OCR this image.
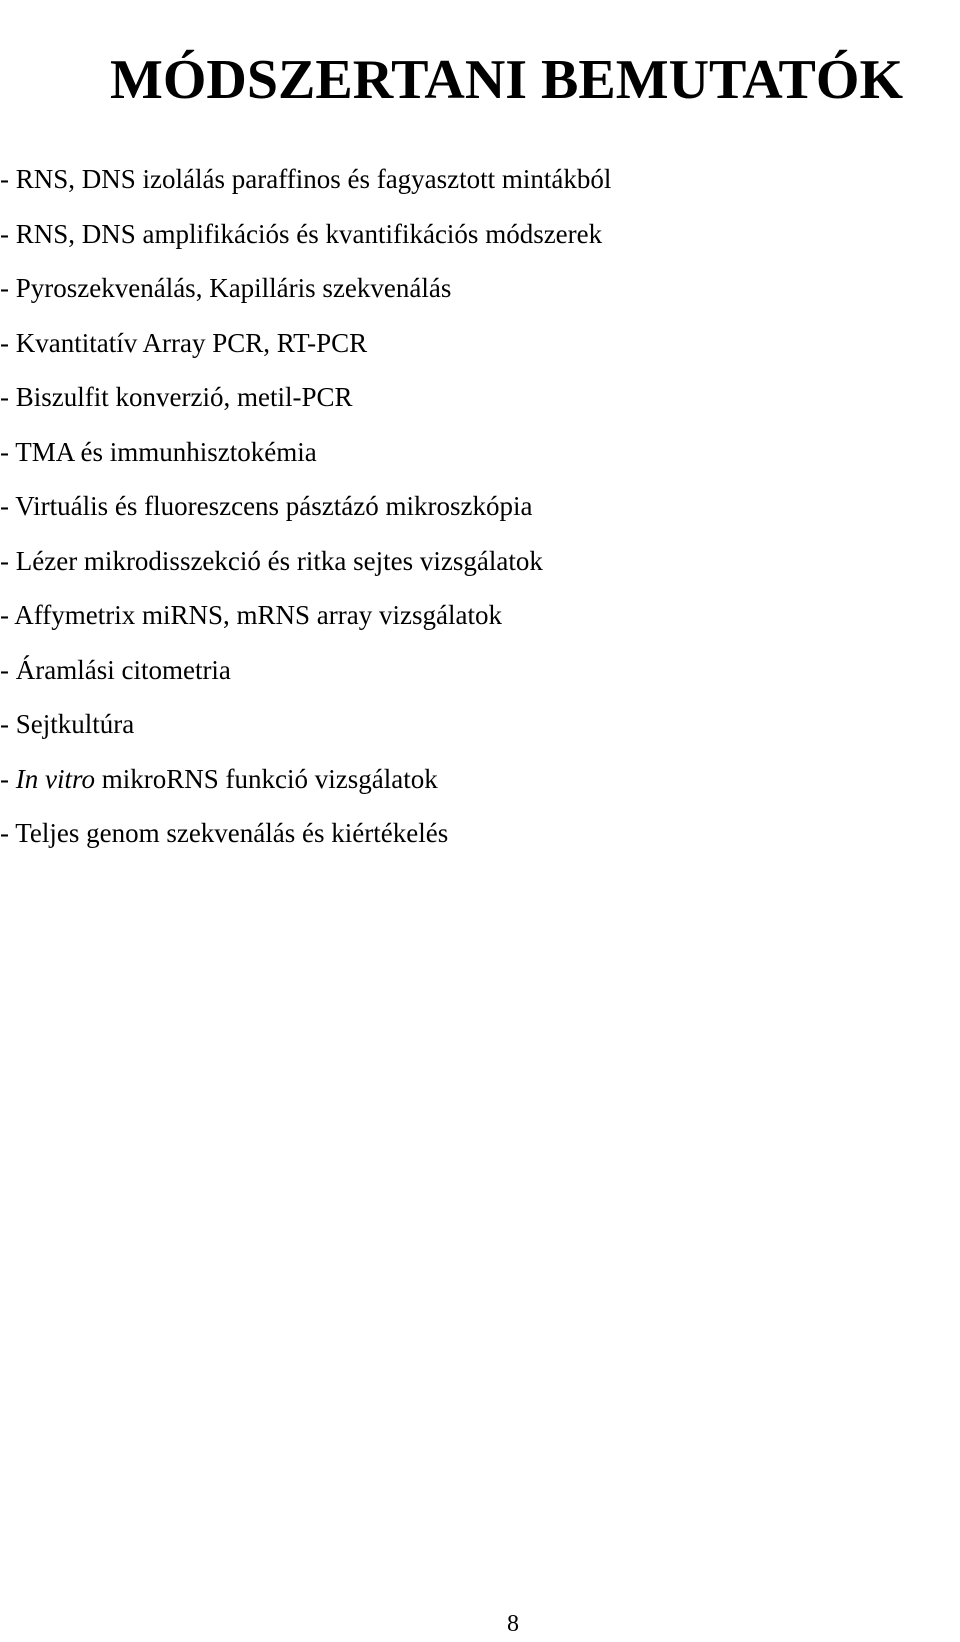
MÓDSZERTANI BEMUTATÓK
- RNS, DNS izolálás paraffinos és fagyasztott mintákból
- RNS, DNS amplifikációs és kvantifikációs módszerek
- Pyroszekvenálás, Kapilláris szekvenálás
- Kvantitatív Array PCR, RT-PCR
- Biszulfit konverzió, metil-PCR
- TMA és immunhisztokémia
- Virtuális és fluoreszcens pásztázó mikroszkópia
- Lézer mikrodisszekció és ritka sejtes vizsgálatok
- Affymetrix miRNS, mRNS array vizsgálatok
- Áramlási citometria
- Sejtkultúra
- In vitro mikroRNS funkció vizsgálatok
- Teljes genom szekvenálás és kiértékelés
8
